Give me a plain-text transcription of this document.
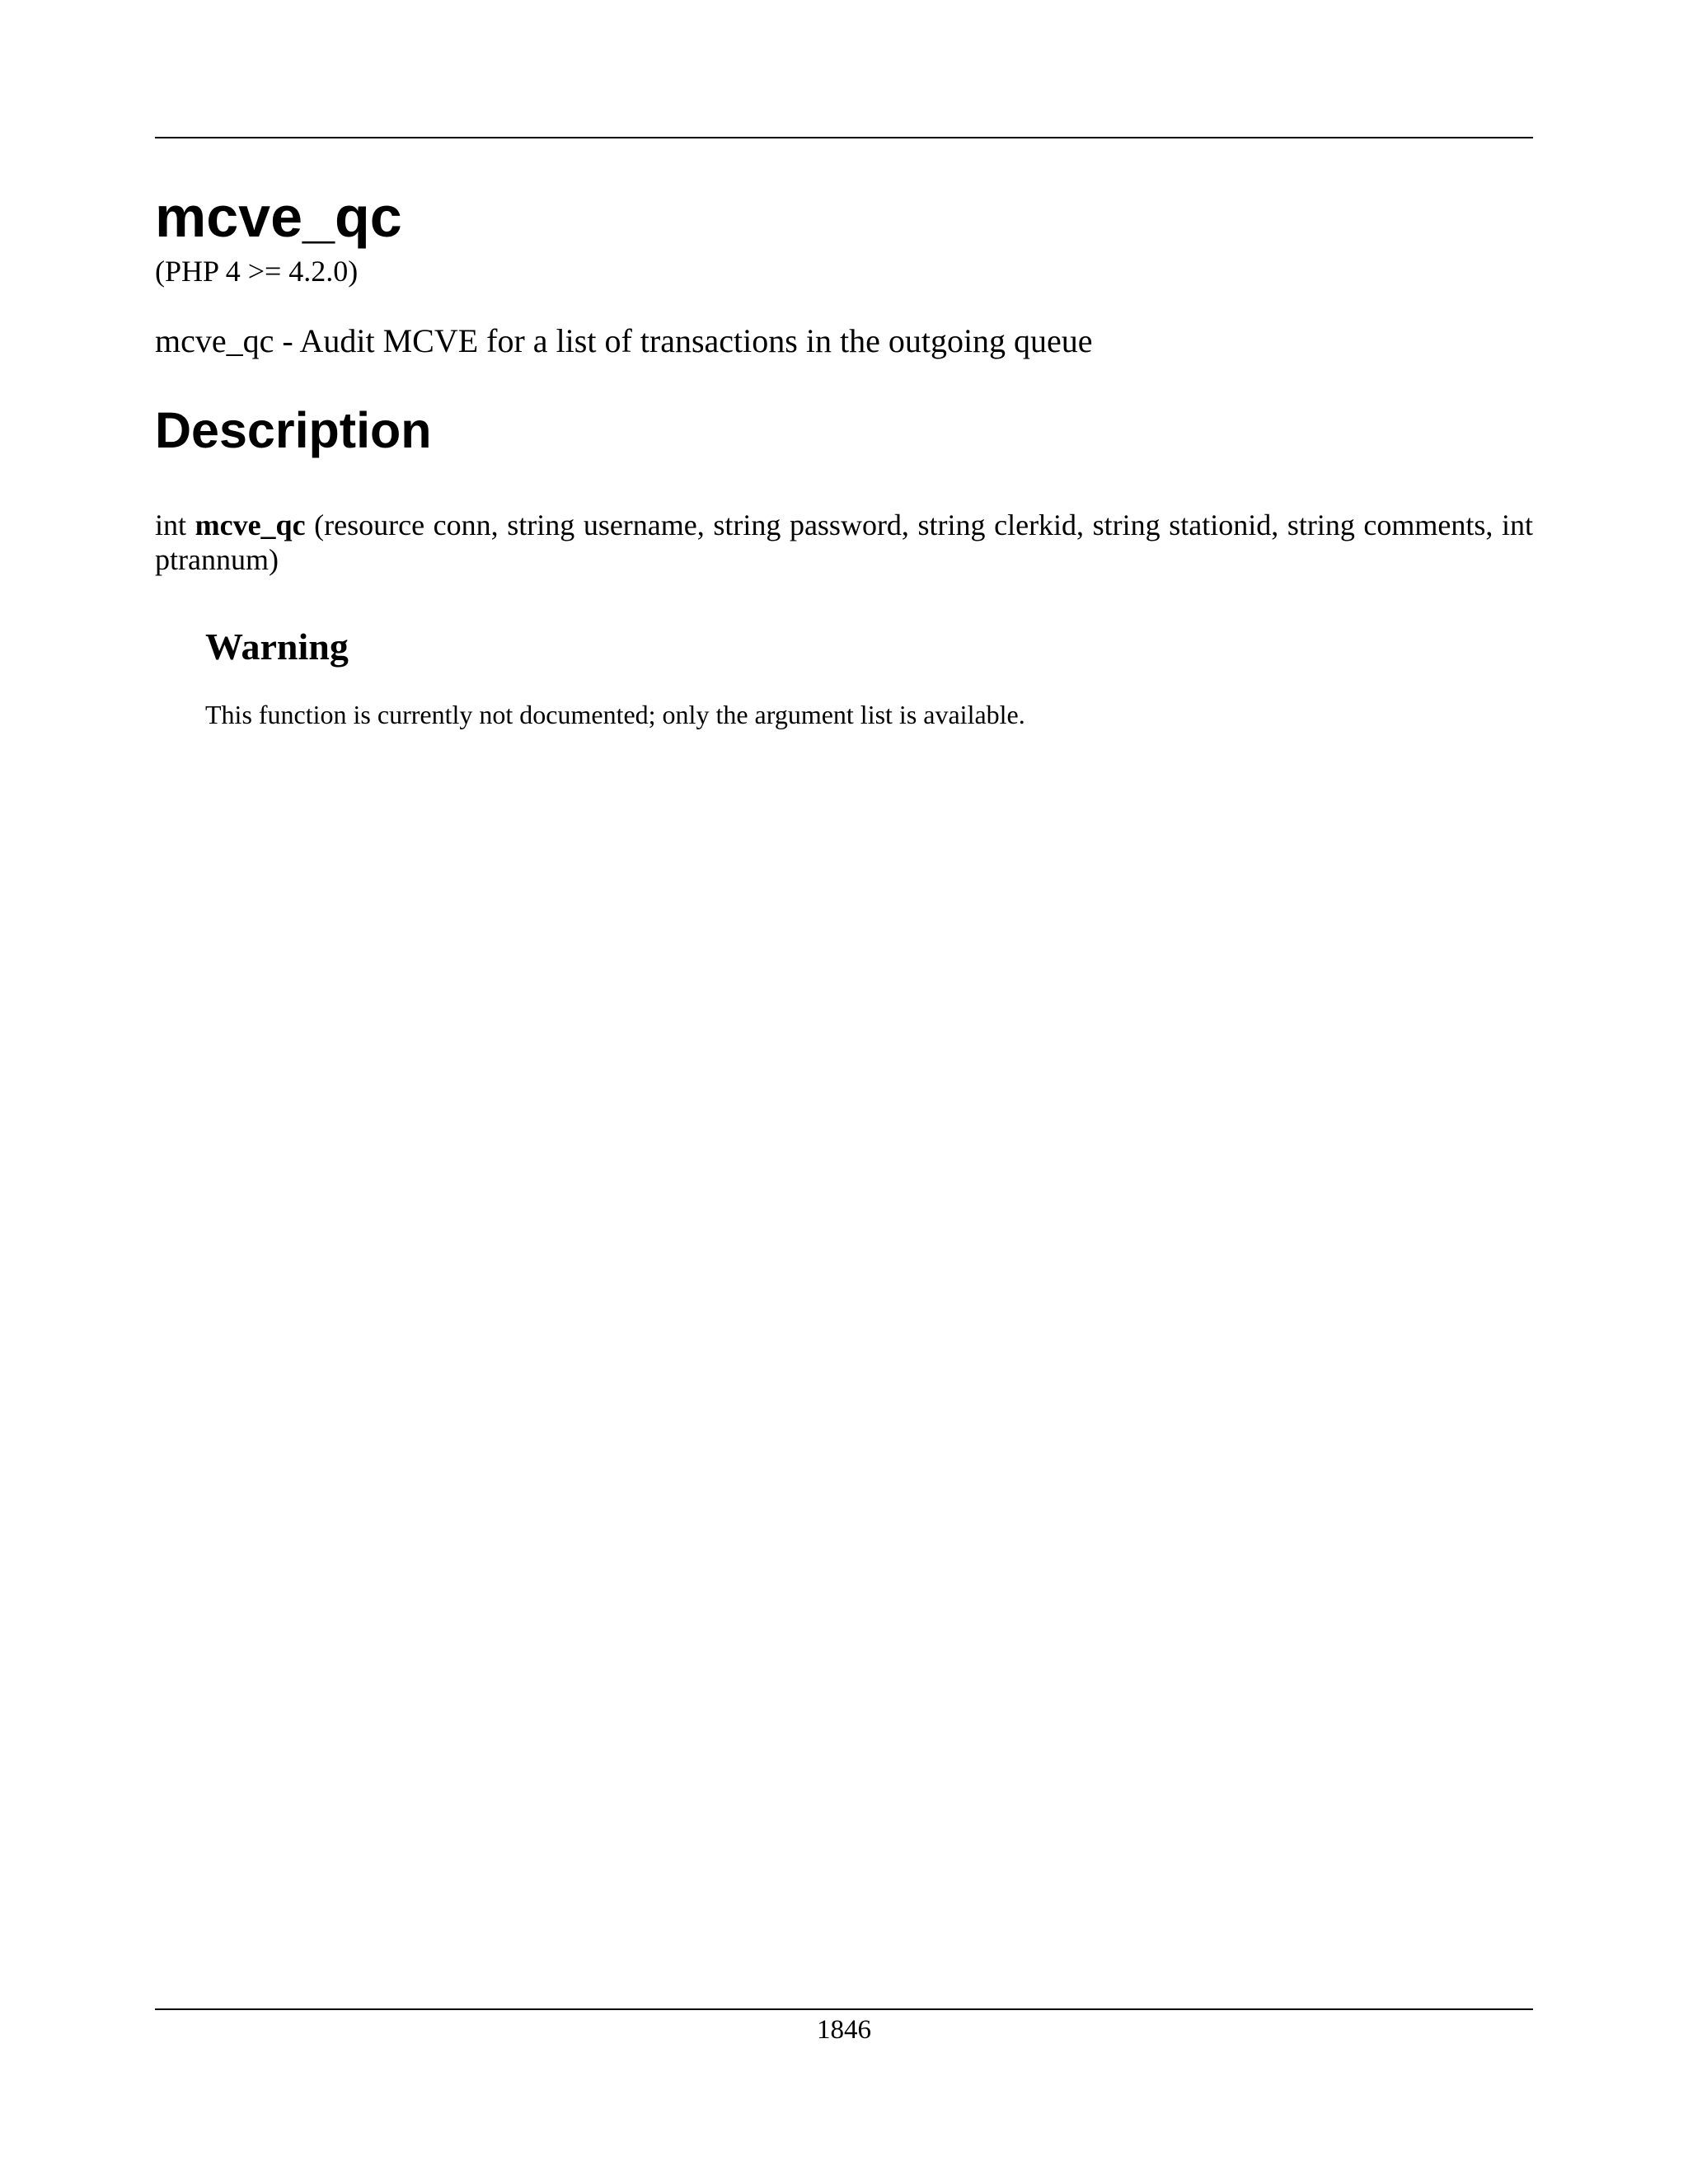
mcve_qc
(PHP 4 >= 4.2.0)
mcve_qc - Audit MCVE for a list of transactions in the outgoing queue
Description

int mcve_qc (resource conn, string username, string password, string clerkid, string stationid, string comments, int ptrannum)

Warning

This function is currently not documented; only the argument list is available.

1846
